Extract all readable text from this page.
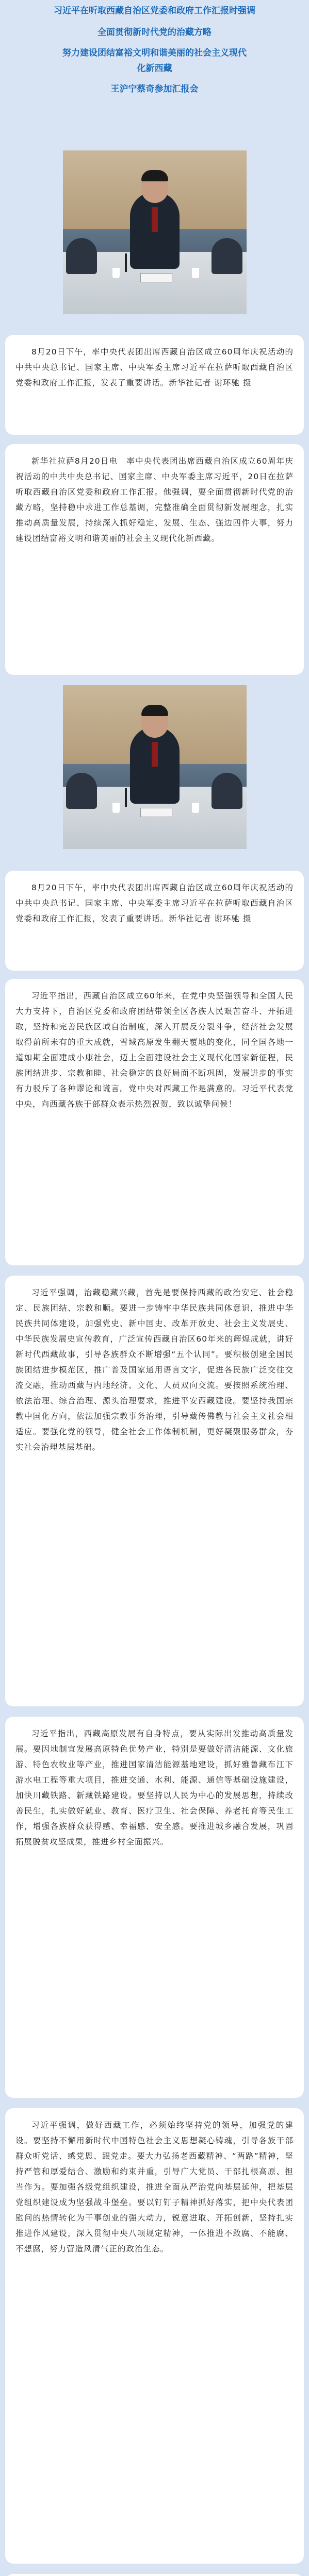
习近平在听取西藏自治区党委和政府工作汇报时强调

全面贯彻新时代党的治藏方略

努力建设团结富裕文明和谐美丽的社会主义现代

化新西藏

王沪宁蔡奇参加汇报会

8月20日下午，率中央代表团出席西藏自治区成立60周年庆祝活动的中共中央总书记、国家主席、中央军委主席习近平在拉萨听取西藏自治区党委和政府工作汇报，发表了重要讲话。新华社记者 谢环驰 摄

新华社拉萨8月20日电　率中央代表团出席西藏自治区成立60周年庆祝活动的中共中央总书记、国家主席、中央军委主席习近平，20日在拉萨听取西藏自治区党委和政府工作汇报。他强调，要全面贯彻新时代党的治藏方略，坚持稳中求进工作总基调，完整准确全面贯彻新发展理念，扎实推动高质量发展，持续深入抓好稳定、发展、生态、强边四件大事，努力建设团结富裕文明和谐美丽的社会主义现代化新西藏。

8月20日下午，率中央代表团出席西藏自治区成立60周年庆祝活动的中共中央总书记、国家主席、中央军委主席习近平在拉萨听取西藏自治区党委和政府工作汇报，发表了重要讲话。新华社记者 谢环驰 摄

习近平指出，西藏自治区成立60年来，在党中央坚强领导和全国人民大力支持下，自治区党委和政府团结带领全区各族人民艰苦奋斗、开拓进取，坚持和完善民族区域自治制度，深入开展反分裂斗争，经济社会发展取得前所未有的重大成就，雪域高原发生翻天覆地的变化，同全国各地一道如期全面建成小康社会，迈上全面建设社会主义现代化国家新征程，民族团结进步、宗教和睦、社会稳定的良好局面不断巩固，发展进步的事实有力驳斥了各种谬论和谎言。党中央对西藏工作是满意的。习近平代表党中央，向西藏各族干部群众表示热烈祝贺，致以诚挚问候！

习近平强调，治藏稳藏兴藏，首先是要保持西藏的政治安定、社会稳定、民族团结、宗教和顺。要进一步铸牢中华民族共同体意识，推进中华民族共同体建设，加强党史、新中国史、改革开放史、社会主义发展史、中华民族发展史宣传教育，广泛宣传西藏自治区60年来的辉煌成就，讲好新时代西藏故事，引导各族群众不断增强“五个认同”。要积极创建全国民族团结进步模范区，推广普及国家通用语言文字，促进各民族广泛交往交流交融，推动西藏与内地经济、文化、人员双向交流。要按照系统治理、依法治理、综合治理、源头治理要求，推进平安西藏建设。要坚持我国宗教中国化方向，依法加强宗教事务治理，引导藏传佛教与社会主义社会相适应。要强化党的领导，健全社会工作体制机制，更好凝聚服务群众，夯实社会治理基层基础。

习近平指出，西藏高原发展有自身特点，要从实际出发推动高质量发展。要因地制宜发展高原特色优势产业，特别是要做好清洁能源、文化旅游、特色农牧业等产业，推进国家清洁能源基地建设，抓好雅鲁藏布江下游水电工程等重大项目，推进交通、水利、能源、通信等基础设施建设，加快川藏铁路、新藏铁路建设。要坚持以人民为中心的发展思想，持续改善民生，扎实做好就业、教育、医疗卫生、社会保障、养老托育等民生工作，增强各族群众获得感、幸福感、安全感。要推进城乡融合发展，巩固拓展脱贫攻坚成果，推进乡村全面振兴。

习近平强调，做好西藏工作，必须始终坚持党的领导，加强党的建设。要坚持不懈用新时代中国特色社会主义思想凝心铸魂，引导各族干部群众听党话、感党恩、跟党走。要大力弘扬老西藏精神、“两路”精神，坚持严管和厚爱结合、激励和约束并重，引导广大党员、干部扎根高原、担当作为。要加强各级党组织建设，推进全面从严治党向基层延伸，把基层党组织建设成为坚强战斗堡垒。要以钉钉子精神抓好落实，把中央代表团慰问的热情转化为干事创业的强大动力，锐意进取、开拓创新，坚持扎实推进作风建设，深入贯彻中央八项规定精神，一体推进不敢腐、不能腐、不想腐，努力营造风清气正的政治生态。
